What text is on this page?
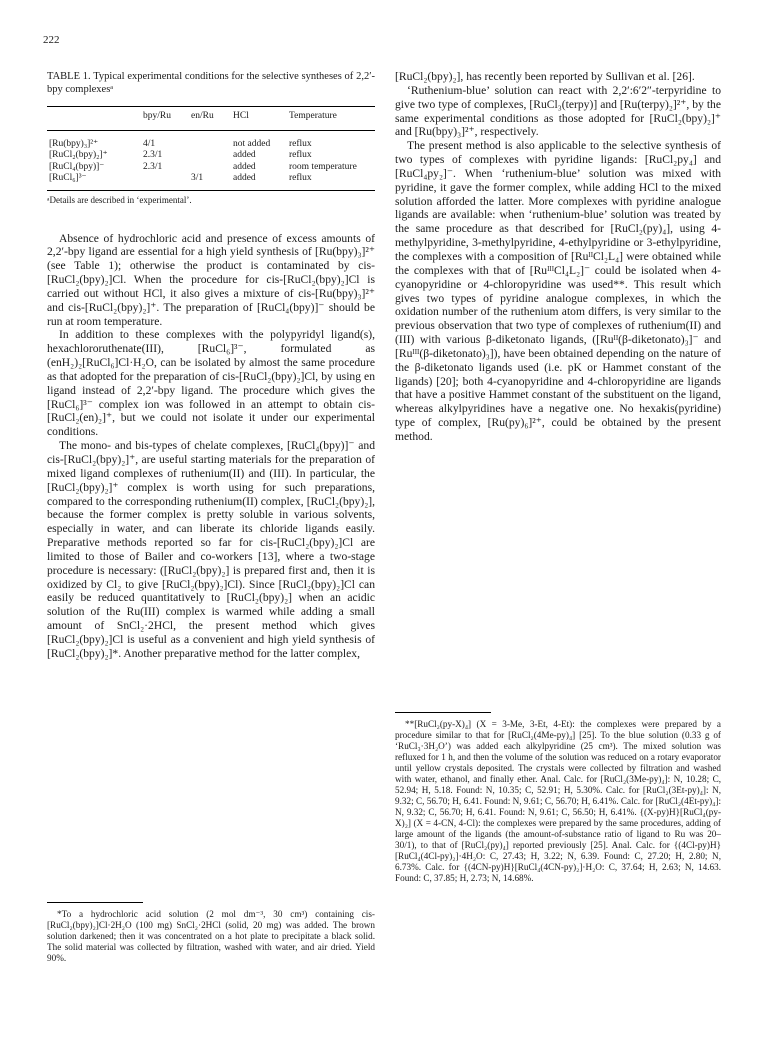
222

TABLE 1. Typical experimental conditions for the selective syntheses of 2,2′-bpy complexesᵃ

	bpy/Ru	en/Ru	HCl	Temperature
[Ru(bpy)₃]²⁺	4/1		not added	reflux
[RuCl₂(bpy)₂]⁺	2.3/1		added	reflux
[RuCl₄(bpy)]⁻	2.3/1		added	room temperature
[RuCl₆]³⁻		3/1	added	reflux
ᵃDetails are described in ‘experimental’.

Absence of hydrochloric acid and presence of excess amounts of 2,2′-bpy ligand are essential for a high yield synthesis of [Ru(bpy)₃]²⁺ (see Table 1); otherwise the product is contaminated by cis-[RuCl₂(bpy)₂]Cl. When the procedure for cis-[RuCl₂(bpy)₂]Cl is carried out without HCl, it also gives a mixture of cis-[Ru(bpy)₃]²⁺ and cis-[RuCl₂(bpy)₂]⁺. The preparation of [RuCl₄(bpy)]⁻ should be run at room temperature.

In addition to these complexes with the polypyridyl ligand(s), hexachlororuthenate(III), [RuCl₆]³⁻, formulated as (enH₂)₂[RuCl₆]Cl·H₂O, can be isolated by almost the same procedure as that adopted for the preparation of cis-[RuCl₂(bpy)₂]Cl, by using en ligand instead of 2,2′-bpy ligand. The procedure which gives the [RuCl₆]³⁻ complex ion was followed in an attempt to obtain cis-[RuCl₂(en)₂]⁺, but we could not isolate it under our experimental conditions.

The mono- and bis-types of chelate complexes, [RuCl₄(bpy)]⁻ and cis-[RuCl₂(bpy)₂]⁺, are useful starting materials for the preparation of mixed ligand complexes of ruthenium(II) and (III). In particular, the [RuCl₂(bpy)₂]⁺ complex is worth using for such preparations, compared to the corresponding ruthenium(II) complex, [RuCl₂(bpy)₂], because the former complex is pretty soluble in various solvents, especially in water, and can liberate its chloride ligands easily. Preparative methods reported so far for cis-[RuCl₂(bpy)₂]Cl are limited to those of Bailer and co-workers [13], where a two-stage procedure is necessary: ([RuCl₂(bpy)₂] is prepared first and, then it is oxidized by Cl₂ to give [RuCl₂(bpy)₂]Cl). Since [RuCl₂(bpy)₂]Cl can easily be reduced quantitatively to [RuCl₂(bpy)₂] when an acidic solution of the Ru(III) complex is warmed while adding a small amount of SnCl₂·2HCl, the present method which gives [RuCl₂(bpy)₂]Cl is useful as a convenient and high yield synthesis of [RuCl₂(bpy)₂]*. Another preparative method for the latter complex,

*To a hydrochloric acid solution (2 mol dm⁻³, 30 cm³) containing cis-[RuCl₂(bpy)₂]Cl·2H₂O (100 mg) SnCl₂·2HCl (solid, 20 mg) was added. The brown solution darkened; then it was concentrated on a hot plate to precipitate a black solid. The solid material was collected by filtration, washed with water, and air dried. Yield 90%.

[RuCl₂(bpy)₂], has recently been reported by Sullivan et al. [26].

‘Ruthenium-blue’ solution can react with 2,2′:6′2″-terpyridine to give two type of complexes, [RuCl₃(terpy)] and [Ru(terpy)₂]²⁺, by the same experimental conditions as those adopted for [RuCl₂(bpy)₂]⁺ and [Ru(bpy)₃]²⁺, respectively.

The present method is also applicable to the selective synthesis of two types of complexes with pyridine ligands: [RuCl₂py₄] and [RuCl₄py₂]⁻. When ‘ruthenium-blue’ solution was mixed with pyridine, it gave the former complex, while adding HCl to the mixed solution afforded the latter. More complexes with pyridine analogue ligands are available: when ‘ruthenium-blue’ solution was treated by the same procedure as that described for [RuCl₂(py)₄], using 4-methylpyridine, 3-methylpyridine, 4-ethylpyridine or 3-ethylpyridine, the complexes with a composition of [RuᴵᴵCl₂L₄] were obtained while the complexes with that of [RuᴵᴵᴵCl₄L₂]⁻ could be isolated when 4-cyanopyridine or 4-chloropyridine was used**. This result which gives two types of pyridine analogue complexes, in which the oxidation number of the ruthenium atom differs, is very similar to the previous observation that two type of complexes of ruthenium(II) and (III) with various β-diketonato ligands, ([Ruᴵᴵ(β-diketonato)₃]⁻ and [Ruᴵᴵᴵ(β-diketonato)₃]), have been obtained depending on the nature of the β-diketonato ligands used (i.e. pK or Hammet constant of the ligands) [20]; both 4-cyanopyridine and 4-chloropyridine are ligands that have a positive Hammet constant of the substituent on the ligand, whereas alkylpyridines have a negative one. No hexakis(pyridine) type of complex, [Ru(py)₆]²⁺, could be obtained by the present method.

**[RuCl₂(py-X)₄] (X = 3-Me, 3-Et, 4-Et): the complexes were prepared by a procedure similar to that for [RuCl₂(4Me-py)₄] [25]. To the blue solution (0.33 g of ‘RuCl₃·3H₂O’) was added each alkylpyridine (25 cm³). The mixed solution was refluxed for 1 h, and then the volume of the solution was reduced on a rotary evaporator until yellow crystals deposited. The crystals were collected by filtration and washed with water, ethanol, and finally ether. Anal. Calc. for [RuCl₂(3Me-py)₄]: N, 10.28; C, 52.94; H, 5.18. Found: N, 10.35; C, 52.91; H, 5.30%. Calc. for [RuCl₂(3Et-py)₄]: N, 9.32; C, 56.70; H, 6.41. Found: N, 9.61; C, 56.70; H, 6.41%. Calc. for [RuCl₂(4Et-py)₄]: N, 9.32; C, 56.70; H, 6.41. Found: N, 9.61; C, 56.50; H, 6.41%. {(X-py)H}[RuCl₄(py-X)₂] (X = 4-CN, 4-Cl): the complexes were prepared by the same procedures, adding of large amount of the ligands (the amount-of-substance ratio of ligand to Ru was 20–30/1), to that of [RuCl₂(py)₄] reported previously [25]. Anal. Calc. for {(4Cl-py)H}[RuCl₄(4Cl-py)₂]·4H₂O: C, 27.43; H, 3.22; N, 6.39. Found: C, 27.20; H, 2.80; N, 6.73%. Calc. for {(4CN-py)H}[RuCl₄(4CN-py)₂]·H₂O: C, 37.64; H, 2.63; N, 14.63. Found: C, 37.85; H, 2.73; N, 14.68%.
